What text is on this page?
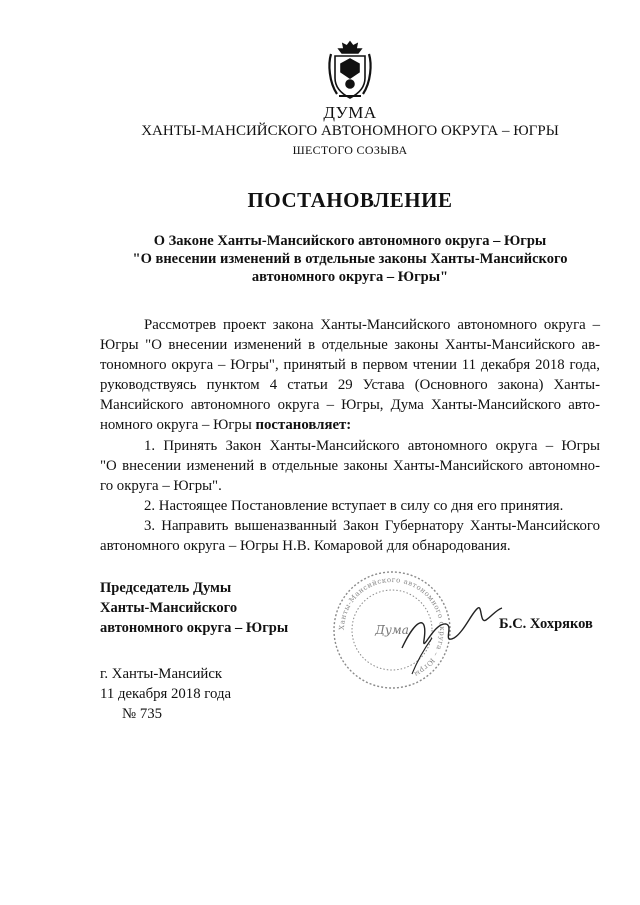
ДУМА
ХАНТЫ-МАНСИЙСКОГО АВТОНОМНОГО ОКРУГА – ЮГРЫ
ШЕСТОГО СОЗЫВА
ПОСТАНОВЛЕНИЕ
О Законе Ханты-Мансийского автономного округа – Югры
"О внесении изменений в отдельные законы Ханты-Мансийского
автономного округа – Югры"
Рассмотрев проект закона Ханты-Мансийского автономного округа –
Югры "О внесении изменений в отдельные законы Ханты-Мансийского ав-
тономного округа – Югры", принятый в первом чтении 11 декабря 2018 года,
руководствуясь пунктом 4 статьи 29 Устава (Основного закона) Ханты-
Мансийского автономного округа – Югры, Дума Ханты-Мансийского авто-
номного округа – Югры постановляет:
1. Принять Закон Ханты-Мансийского автономного округа – Югры
"О внесении изменений в отдельные законы Ханты-Мансийского автономно-
го округа – Югры".
2. Настоящее Постановление вступает в силу со дня его принятия.
3. Направить вышеназванный Закон Губернатору Ханты-Мансийского
автономного округа – Югры Н.В. Комаровой для обнародования.
Ханты-Мансийского автономного округа – Югры
Дума
Председатель Думы
Ханты-Мансийского
автономного округа – Югры	Б.С. Хохряков
г. Ханты-Мансийск
11 декабря 2018 года
№ 735
